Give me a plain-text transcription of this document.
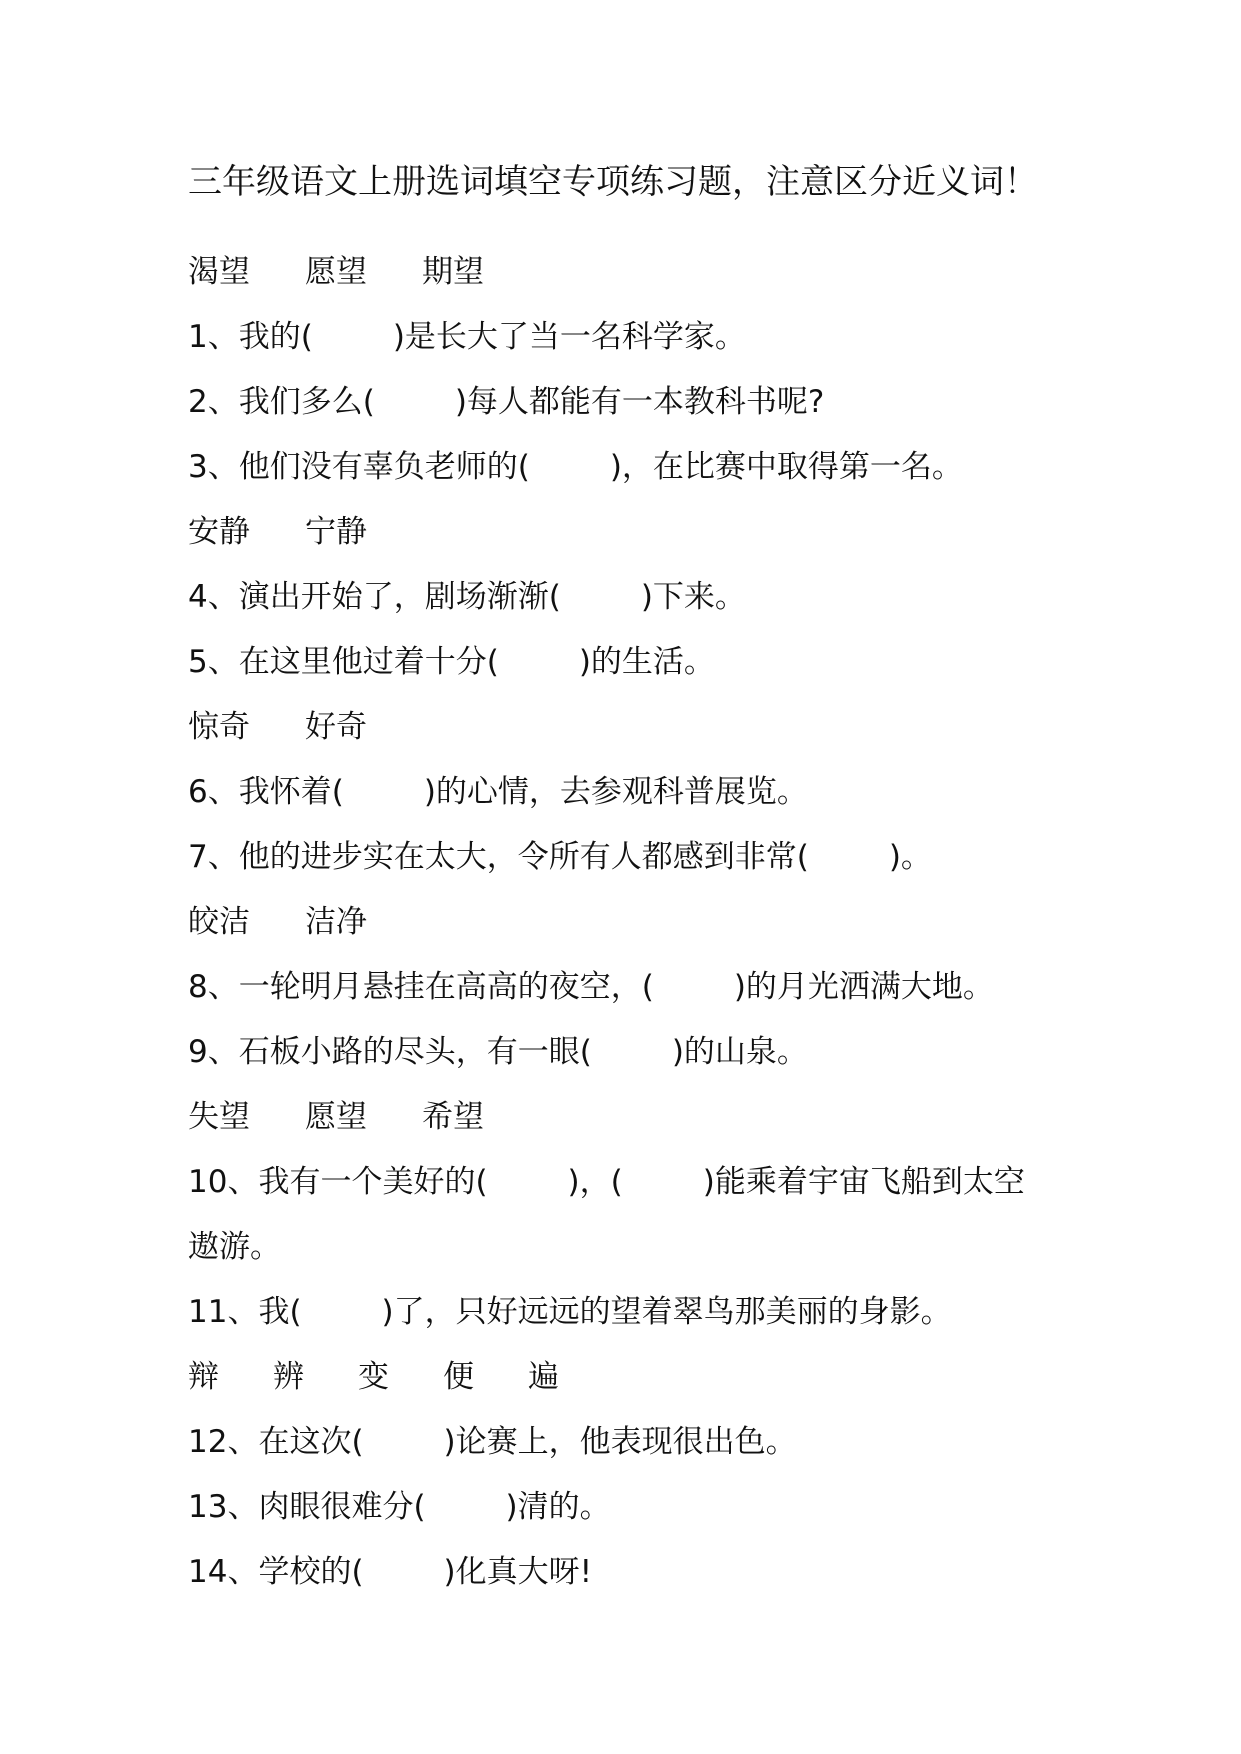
三年级语文上册选词填空专项练习题，注意区分近义词！
渴望 愿望 期望
1、我的(	)是长大了当一名科学家。
2、我们多么(	)每人都能有一本教科书呢?
3、他们没有辜负老师的(	)，在比赛中取得第一名。
安静 宁静
4、演出开始了，剧场渐渐(	)下来。
5、在这里他过着十分(	)的生活。
惊奇 好奇
6、我怀着(	)的心情，去参观科普展览。
7、他的进步实在太大，令所有人都感到非常(	)。
皎洁 洁净
8、一轮明月悬挂在高高的夜空，(	)的月光洒满大地。
9、石板小路的尽头，有一眼(	)的山泉。
失望 愿望 希望
10、我有一个美好的(	)，(	)能乘着宇宙飞船到太空
遨游。
11、我(	)了，只好远远的望着翠鸟那美丽的身影。
辩 辨 变 便 遍
12、在这次(	)论赛上，他表现很出色。
13、肉眼很难分(	)清的。
14、学校的(	)化真大呀!
